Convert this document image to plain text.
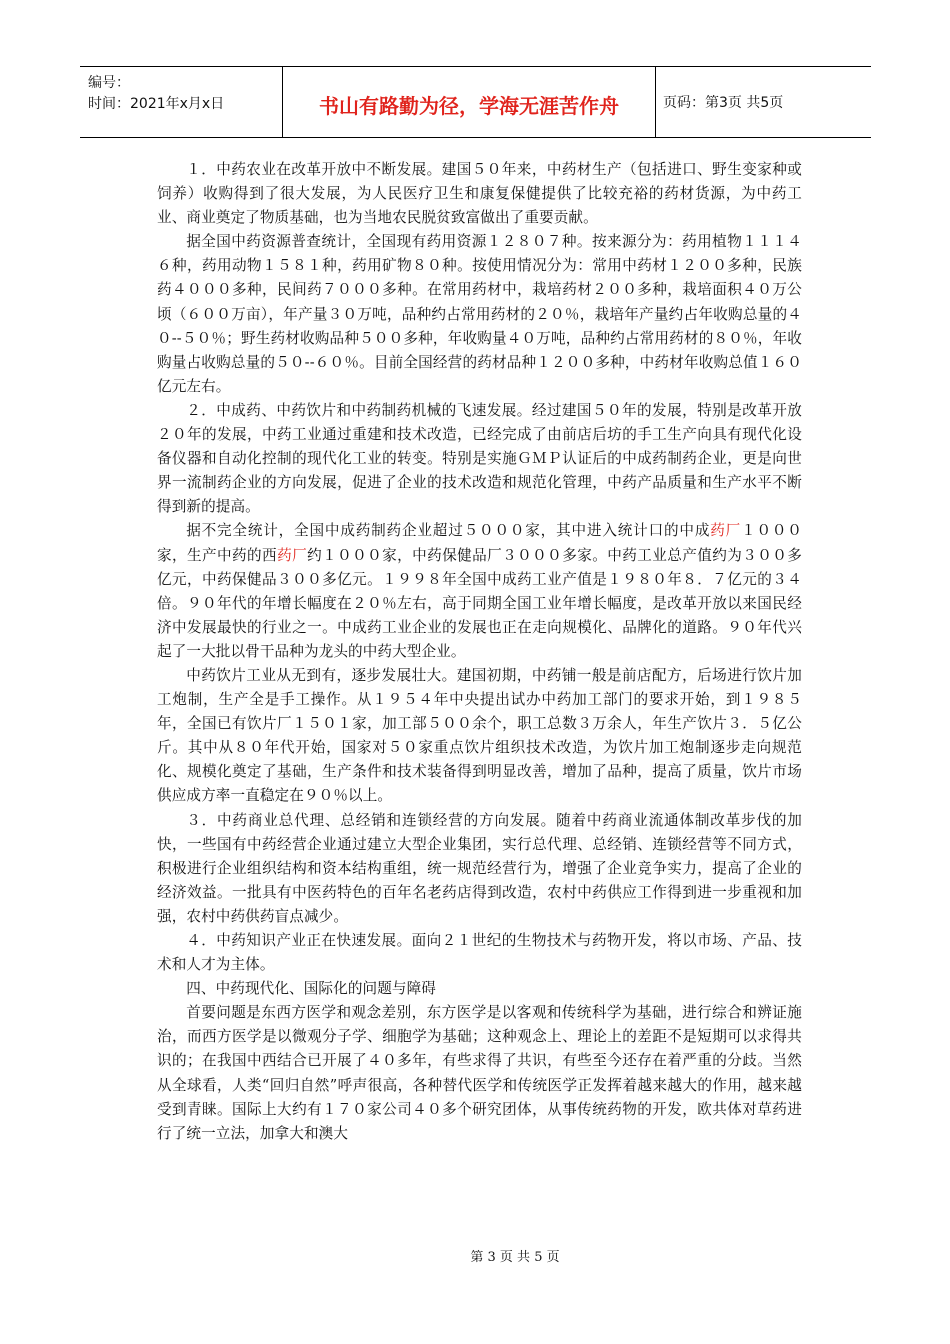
编号：
时间：2021年x月x日	书山有路勤为径，学海无涯苦作舟	页码：第3页 共5页

１．中药农业在改革开放中不断发展。建国５０年来，中药材生产（包括进口、野生变家种或饲养）收购得到了很大发展，为人民医疗卫生和康复保健提供了比较充裕的药材货源，为中药工业、商业奠定了物质基础，也为当地农民脱贫致富做出了重要贡献。

据全国中药资源普查统计，全国现有药用资源１２８０７种。按来源分为：药用植物１１１４６种，药用动物１５８１种，药用矿物８０种。按使用情况分为：常用中药材１２００多种，民族药４０００多种，民间药７０００多种。在常用药材中，栽培药材２００多种，栽培面积４０万公顷（６００万亩），年产量３０万吨，品种约占常用药材的２０％，栽培年产量约占年收购总量的４０--５０％；野生药材收购品种５００多种，年收购量４０万吨，品种约占常用药材的８０％，年收购量占收购总量的５０--６０％。目前全国经营的药材品种１２００多种，中药材年收购总值１６０亿元左右。

２．中成药、中药饮片和中药制药机械的飞速发展。经过建国５０年的发展，特别是改革开放２０年的发展，中药工业通过重建和技术改造，已经完成了由前店后坊的手工生产向具有现代化设备仪器和自动化控制的现代化工业的转变。特别是实施ＧＭＰ认证后的中成药制药企业，更是向世界一流制药企业的方向发展，促进了企业的技术改造和规范化管理，中药产品质量和生产水平不断得到新的提高。

据不完全统计，全国中成药制药企业超过５０００家，其中进入统计口的中成药厂１０００家，生产中药的西药厂约１０００家，中药保健品厂３０００多家。中药工业总产值约为３００多亿元，中药保健品３００多亿元。１９９８年全国中成药工业产值是１９８０年８．７亿元的３４倍。９０年代的年增长幅度在２０％左右，高于同期全国工业年增长幅度，是改革开放以来国民经济中发展最快的行业之一。中成药工业企业的发展也正在走向规模化、品牌化的道路。９０年代兴起了一大批以骨干品种为龙头的中药大型企业。

中药饮片工业从无到有，逐步发展壮大。建国初期，中药铺一般是前店配方，后场进行饮片加工炮制，生产全是手工操作。从１９５４年中央提出试办中药加工部门的要求开始，到１９８５年，全国已有饮片厂１５０１家，加工部５００余个，职工总数３万余人，年生产饮片３．５亿公斤。其中从８０年代开始，国家对５０家重点饮片组织技术改造，为饮片加工炮制逐步走向规范化、规模化奠定了基础，生产条件和技术装备得到明显改善，增加了品种，提高了质量，饮片市场供应成方率一直稳定在９０％以上。

３．中药商业总代理、总经销和连锁经营的方向发展。随着中药商业流通体制改革步伐的加快，一些国有中药经营企业通过建立大型企业集团，实行总代理、总经销、连锁经营等不同方式，积极进行企业组织结构和资本结构重组，统一规范经营行为，增强了企业竞争实力，提高了企业的经济效益。一批具有中医药特色的百年名老药店得到改造，农村中药供应工作得到进一步重视和加强，农村中药供药盲点减少。

４．中药知识产业正在快速发展。面向２１世纪的生物技术与药物开发，将以市场、产品、技术和人才为主体。

四、中药现代化、国际化的问题与障碍

首要问题是东西方医学和观念差别，东方医学是以客观和传统科学为基础，进行综合和辨证施治，而西方医学是以微观分子学、细胞学为基础；这种观念上、理论上的差距不是短期可以求得共识的；在我国中西结合已开展了４０多年，有些求得了共识，有些至今还存在着严重的分歧。当然从全球看，人类“回归自然”呼声很高，各种替代医学和传统医学正发挥着越来越大的作用，越来越受到青睐。国际上大约有１７０家公司４０多个研究团体，从事传统药物的开发，欧共体对草药进行了统一立法，加拿大和澳大

第 3 页 共 5 页
